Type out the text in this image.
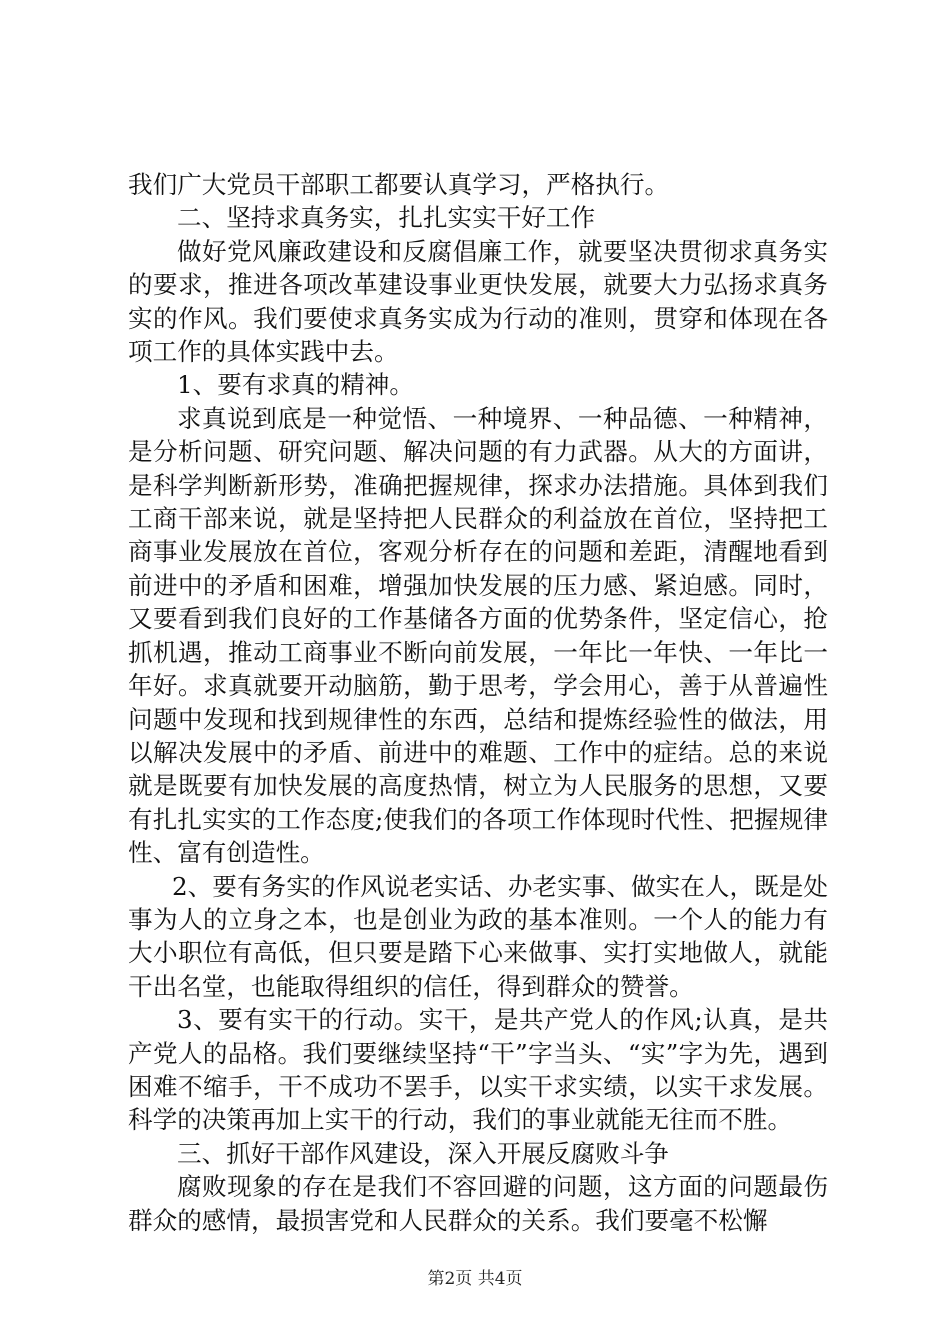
我们广大党员干部职工都要认真学习，严格执行。

二、坚持求真务实，扎扎实实干好工作

做好党风廉政建设和反腐倡廉工作，就要坚决贯彻求真务实的要求，推进各项改革建设事业更快发展，就要大力弘扬求真务实的作风。我们要使求真务实成为行动的准则，贯穿和体现在各项工作的具体实践中去。

1、要有求真的精神。

求真说到底是一种觉悟、一种境界、一种品德、一种精神，是分析问题、研究问题、解决问题的有力武器。从大的方面讲，是科学判断新形势，准确把握规律，探求办法措施。具体到我们工商干部来说，就是坚持把人民群众的利益放在首位，坚持把工商事业发展放在首位，客观分析存在的问题和差距，清醒地看到前进中的矛盾和困难，增强加快发展的压力感、紧迫感。同时，又要看到我们良好的工作基储各方面的优势条件，坚定信心，抢抓机遇，推动工商事业不断向前发展，一年比一年快、一年比一年好。求真就要开动脑筋，勤于思考，学会用心，善于从普遍性问题中发现和找到规律性的东西，总结和提炼经验性的做法，用以解决发展中的矛盾、前进中的难题、工作中的症结。总的来说就是既要有加快发展的高度热情，树立为人民服务的思想，又要有扎扎实实的工作态度;使我们的各项工作体现时代性、把握规律性、富有创造性。

2、要有务实的作风说老实话、办老实事、做实在人，既是处事为人的立身之本，也是创业为政的基本准则。一个人的能力有大小职位有高低，但只要是踏下心来做事、实打实地做人，就能干出名堂，也能取得组织的信任，得到群众的赞誉。

3、要有实干的行动。实干，是共产党人的作风;认真，是共产党人的品格。我们要继续坚持“干”字当头、“实”字为先，遇到困难不缩手，干不成功不罢手，以实干求实绩，以实干求发展。科学的决策再加上实干的行动，我们的事业就能无往而不胜。

三、抓好干部作风建设，深入开展反腐败斗争

腐败现象的存在是我们不容回避的问题，这方面的问题最伤群众的感情，最损害党和人民群众的关系。我们要毫不松懈

第2页 共4页
